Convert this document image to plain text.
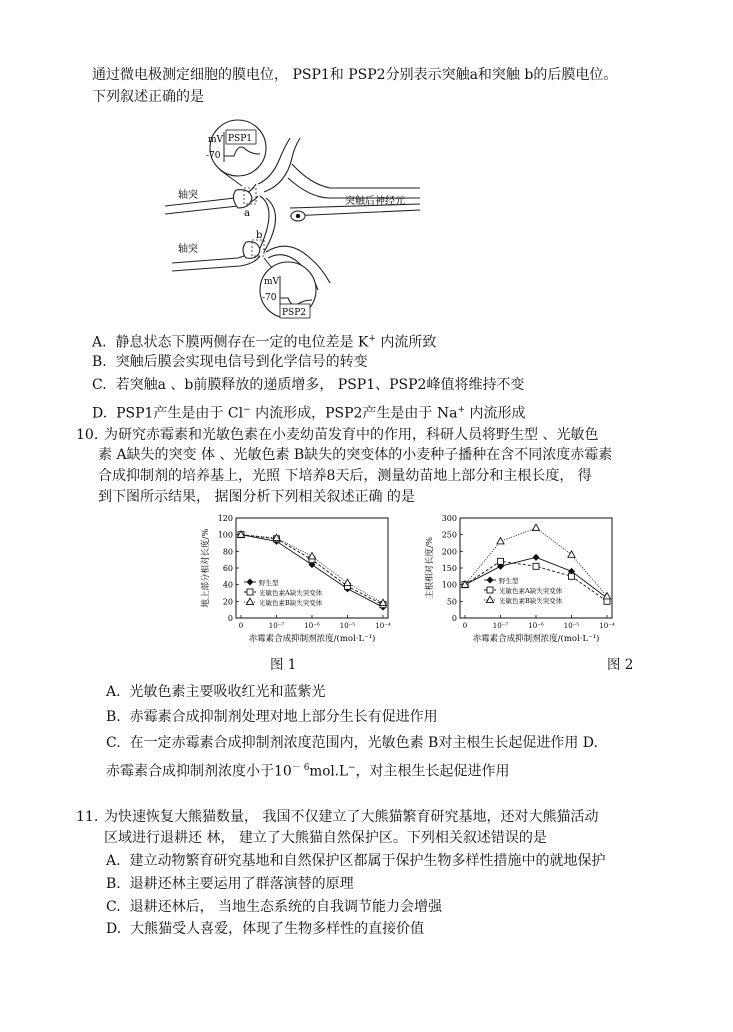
通过微电极测定细胞的膜电位， PSP1和 PSP2分别表示突触a和突触 b的后膜电位。
下列叙述正确的是
轴突
a
轴突
b
突触后神经元
mV
-70
PSP1
mV
-70
PSP2
A. 静息状态下膜两侧存在一定的电位差是 K+ 内流所致
B. 突触后膜会实现电信号到化学信号的转变
C. 若突触a 、b前膜释放的递质增多， PSP1、PSP2峰值将维持不变
D. PSP1产生是由于 Cl− 内流形成，PSP2产生是由于 Na+ 内流形成
10. 为研究赤霉素和光敏色素在小麦幼苗发育中的作用，科研人员将野生型 、光敏色
素 A缺失的突变 体 、光敏色素 B缺失的突变体的小麦种子播种在含不同浓度赤霉素
合成抑制剂的培养基上，光照 下培养8天后，测量幼苗地上部分和主根长度， 得
到下图所示结果， 据图分析下列相关叙述正确 的是
0
20
40
60
80
100
120
0	10⁻⁷	10⁻⁶	10⁻⁵	10⁻⁴
赤霉素合成抑制剂浓度/(mol·L⁻¹)
地上部分相对长度/%	野生型
光敏色素A缺失突变体
光敏色素B缺失突变体
0
50
100
150
200
250
300
0	10⁻⁷	10⁻⁶	10⁻⁵	10⁻⁴
赤霉素合成抑制剂浓度/(mol·L⁻¹)
主根相对长度/%	野生型
光敏色素A缺失突变体
光敏色素B缺失突变体
图 1	图 2
A. 光敏色素主要吸收红光和蓝紫光
B. 赤霉素合成抑制剂处理对地上部分生长有促进作用
C. 在一定赤霉素合成抑制剂浓度范围内，光敏色素 B对主根生长起促进作用 D.
赤霉素合成抑制剂浓度小于$10^{- 6}mol.L^-$，对主根生长起促进作用
11. 为快速恢复大熊猫数量， 我国不仅建立了大熊猫繁育研究基地，还对大熊猫活动
区域进行退耕还 林， 建立了大熊猫自然保护区。下列相关叙述错误的是
A. 建立动物繁育研究基地和自然保护区都属于保护生物多样性措施中的就地保护
B. 退耕还林主要运用了群落演替的原理
C. 退耕还林后， 当地生态系统的自我调节能力会增强
D. 大熊猫受人喜爱，体现了生物多样性的直接价值
